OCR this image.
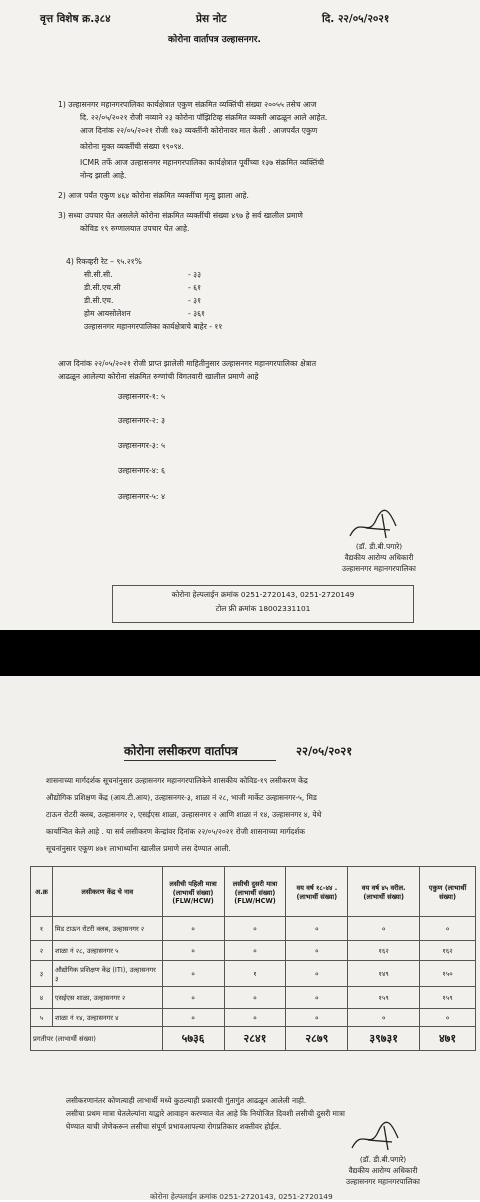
वृत्त विशेष क्र.३८४	प्रेस नोट	दि. २२/०५/२०२१
कोरोना वार्तापत्र उल्हासनगर.
1) उल्हासनगर महानगरपालिका कार्यक्षेत्रात एकुण संक्रमित व्यक्तिंची संख्या २००५५ तसेच आज
दि. २२/०५/२०२१ रोजी नव्याने २३ कोरोना पॉझिटिव्ह संक्रमित व्यक्ती आढळून आले आहेत.
आज दिनांक २२/०५/२०२१ रोजी १७३ व्यक्तींनी कोरोनावर मात केली . आजपर्यंत एकुण
कोरोना मुक्त व्यक्तींची संख्या १९०९४.
ICMR तर्फे आज उल्हासनगर महानगरपालिका कार्यक्षेत्रात पूर्वीच्या १३७ संक्रमित व्यक्तिंची
नोन्द झाली आहे.
2) आज पर्यंत एकुण ४६४ कोरोना संक्रमित व्यक्तींचा मृत्यु झाला आहे.
3) सध्या उपचार घेत असलेले कोरोना संक्रमित व्यक्तींची संख्या ४९७ हे सर्व खालील प्रमाणे
कोविड १९ रुग्णालयात उपचार घेत आहे.
4) रिकव्हरी रेट – ९५.२१%
सी.सी.सी.	- ३३
डी.सी.एच.सी	- ६१
डी.सी.एच.	- ३१
होम आयसोलेशन	- ३६१
उल्हासनगर महानगरपालिका कार्यक्षेत्राचे बाहेर - ११
आज दिनांक २२/०५/२०२१ रोजी प्राप्त झालेली माहितीनुसार उल्हासनगर महानगरपालिका क्षेत्रात
आढळून आलेल्या कोरोना संक्रमित रुग्णांची विगतवारी खालील प्रमाणे आहे
उल्हासनगर-१: ५
उल्हासनगर-२: ३
उल्हासनगर-३: ५
उल्हासनगर-४: ६
उल्हासनगर-५: ४
(डॉ. डी.बी.पगारे)
वैद्यकीय आरोग्य अधिकारी
उल्हासनगर महानगरपालिका
कोरोना हेल्पलाईन क्रमांक 0251-2720143, 0251-2720149
टोल फ्री क्रमांक 18002331101
कोरोना लसीकरण वार्तापत्र	२२/०५/२०२१
शासनाच्या मार्गदर्शक सूचनांनुसार उल्हासनगर महानगरपालिकेने शासकीय कोविड-१९ लसीकरण केंद्र
औद्योगिक प्रशिक्षण केंद्र (आय.टी.आय), उल्हासनगर-३, शाळा नं २८, भाजी मार्केट उल्हासनगर-५, मिड
टाऊन रोटरी क्लब, उल्हासनगर २, एसईएस शाळा, उल्हासनगर २ आणि शाळा नं १४, उल्हासनगर ४, येथे
कार्यान्वित केले आहे . या सर्व लसीकरण केन्द्रांवर दिनांक २२/०५/२०२१ रोजी शासनाच्या मार्गदर्शक
सूचनांनुसार एकूण ४७१ लाभार्थ्यांना खालील प्रमाणे लस देण्यात आली.
अ.क्र	लसीकरण केंद्र चे नाव	लसीची पहिली मात्रा (लाभार्थी संख्या) (FLW/HCW)	लसीची दुसरी मात्रा (लाभार्थी संख्या) (FLW/HCW)	वय वर्ष १८-४४ . (लाभार्थी संख्या)	वय वर्ष ४५ वरील. (लाभार्थी संख्या)	एकुण (लाभार्थी संख्या)
१	मिड टाऊन रोटरी क्लब, उल्हासनगर २	०	०	०	०	०
२	शाळा नं २८, उल्हासनगर ५	०	०	०	१६२	१६२
३	औद्योगिक प्रशिक्षण केंद्र (ITI), उल्हासनगर ३	०	१	०	१४९	१५०
४	एसईएस शाळा, उल्हासनगर २	०	०	०	१५९	१५९
५	शाळा नं १४, उल्हासनगर ४	०	०	०	०	०
प्रगतीपर (लाभार्थी संख्या)		५७३६	२८४१	२८७९	३९७३१	४७१
लसीकरणानंतर कोणत्याही लाभार्थी मध्ये कुठल्याही प्रकारची गुंतागुंत आढळून आलेली नाही.
लसीचा प्रथम मात्रा घेतलेल्यांना याद्वारे आवाहन करण्यात येत आहे कि नियोजित दिवशी लसीची दुसरी मात्रा
घेण्यात याची जेणेकरून लसीचा संपूर्ण प्रभावआपल्या रोगप्रतिकार शक्तीवर होईल.
(डॉ. डी.बी.पगारे)
वैद्यकीय आरोग्य अधिकारी
उल्हासनगर महानगरपालिका
कोरोना हेल्पलाईन क्रमांक 0251-2720143, 0251-2720149
